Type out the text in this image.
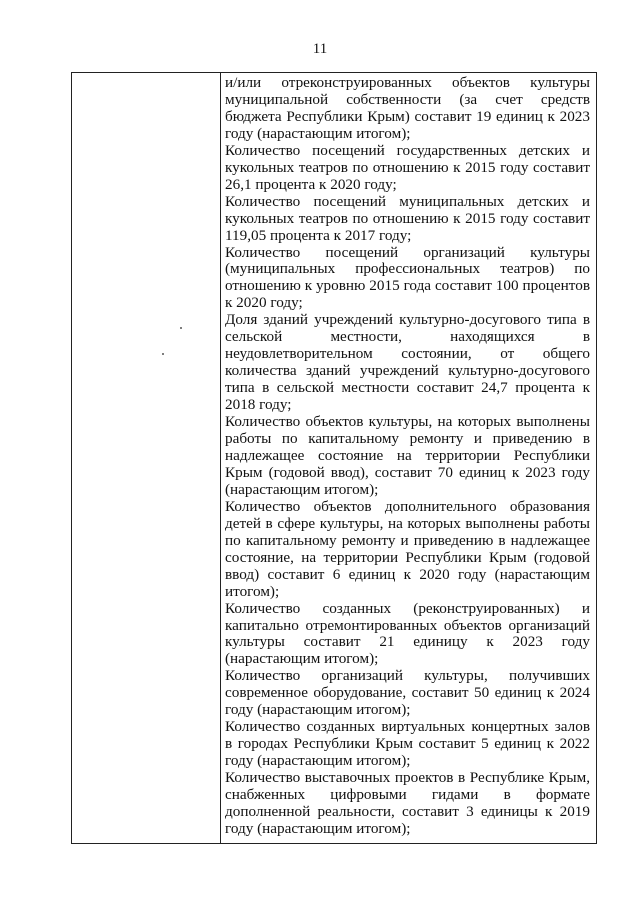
11

и/или отреконструированных объектов культуры муниципальной собственности (за счет средств бюджета Республики Крым) составит 19 единиц к 2023 году (нарастающим итогом);

Количество посещений государственных детских и кукольных театров по отношению к 2015 году составит 26,1 процента к 2020 году;

Количество посещений муниципальных детских и кукольных театров по отношению к 2015 году составит 119,05 процента к 2017 году;

Количество посещений организаций культуры (муниципальных профессиональных театров) по отношению к уровню 2015 года составит 100 процентов к 2020 году;

Доля зданий учреждений культурно-досугового типа в сельской местности, находящихся в неудовлетворительном состоянии, от общего количества зданий учреждений культурно-досугового типа в сельской местности составит 24,7 процента к 2018 году;

Количество объектов культуры, на которых выполнены работы по капитальному ремонту и приведению в надлежащее состояние на территории Республики Крым (годовой ввод), составит 70 единиц к 2023 году (нарастающим итогом);

Количество объектов дополнительного образования детей в сфере культуры, на которых выполнены работы по капитальному ремонту и приведению в надлежащее состояние, на территории Республики Крым (годовой ввод) составит 6 единиц к 2020 году (нарастающим итогом);

Количество созданных (реконструированных) и капитально отремонтированных объектов организаций культуры составит 21 единицу к 2023 году (нарастающим итогом);

Количество организаций культуры, получивших современное оборудование, составит 50 единиц к 2024 году (нарастающим итогом);

Количество созданных виртуальных концертных залов в городах Республики Крым составит 5 единиц к 2022 году (нарастающим итогом);

Количество выставочных проектов в Республике Крым, снабженных цифровыми гидами в формате дополненной реальности, составит 3 единицы к 2019 году (нарастающим итогом);
